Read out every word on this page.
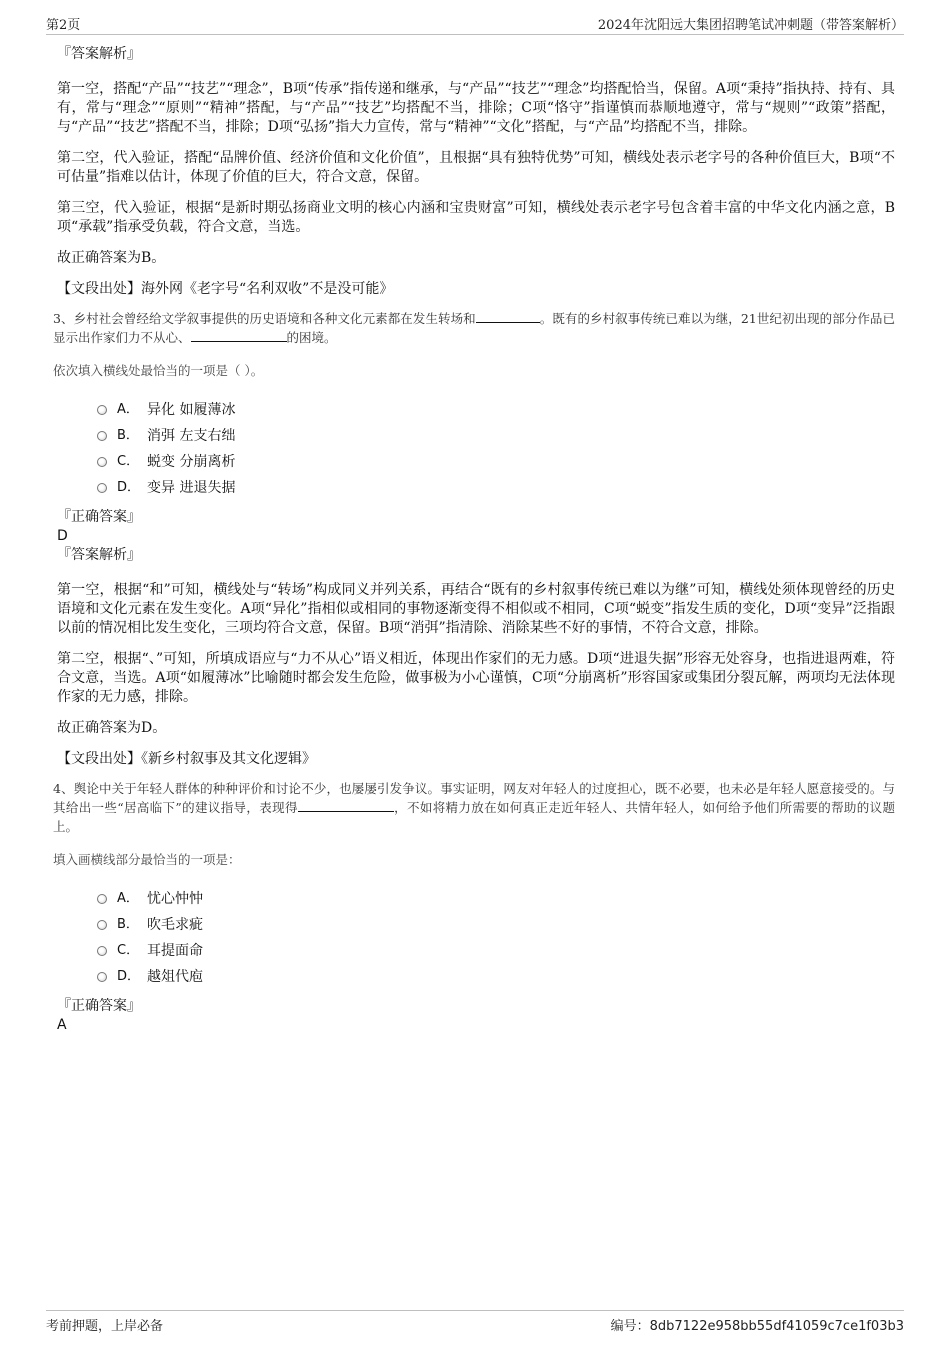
第2页	2024年沈阳远大集团招聘笔试冲刺题（带答案解析）

『答案解析』

第一空，搭配“产品”“技艺”“理念”，B项“传承”指传递和继承，与“产品”“技艺”“理念”均搭配恰当，保留。A项“秉持”指执持、持有、具有，常与“理念”“原则”“精神”搭配，与“产品”“技艺”均搭配不当，排除；C项“恪守”指谨慎而恭顺地遵守，常与“规则”“政策”搭配，与“产品”“技艺”搭配不当，排除；D项“弘扬”指大力宣传，常与“精神”“文化”搭配，与“产品”均搭配不当，排除。

第二空，代入验证，搭配“品牌价值、经济价值和文化价值”，且根据“具有独特优势”可知，横线处表示老字号的各种价值巨大，B项“不可估量”指难以估计，体现了价值的巨大，符合文意，保留。

第三空，代入验证，根据“是新时期弘扬商业文明的核心内涵和宝贵财富”可知，横线处表示老字号包含着丰富的中华文化内涵之意，B项“承载”指承受负载，符合文意，当选。

故正确答案为B。

【文段出处】海外网《老字号“名利双收”不是没可能》

3、乡村社会曾经给文学叙事提供的历史语境和各种文化元素都在发生转场和	。既有的乡村叙事传统已难以为继，21世纪初出现的部分作品已显示出作家们力不从心、	的困境。

依次填入横线处最恰当的一项是（ ）。

A． 异化 如履薄冰
B． 消弭 左支右绌
C． 蜕变 分崩离析
D． 变异 进退失据

『正确答案』

D

『答案解析』

第一空，根据“和”可知，横线处与“转场”构成同义并列关系，再结合“既有的乡村叙事传统已难以为继”可知，横线处须体现曾经的历史语境和文化元素在发生变化。A项“异化”指相似或相同的事物逐渐变得不相似或不相同，C项“蜕变”指发生质的变化，D项“变异”泛指跟以前的情况相比发生变化，三项均符合文意，保留。B项“消弭”指清除、消除某些不好的事情，不符合文意，排除。

第二空，根据“、”可知，所填成语应与“力不从心”语义相近，体现出作家们的无力感。D项“进退失据”形容无处容身，也指进退两难，符合文意，当选。A项“如履薄冰”比喻随时都会发生危险，做事极为小心谨慎，C项“分崩离析”形容国家或集团分裂瓦解，两项均无法体现作家的无力感，排除。

故正确答案为D。

【文段出处】《新乡村叙事及其文化逻辑》

4、舆论中关于年轻人群体的种种评价和讨论不少，也屡屡引发争议。事实证明，网友对年轻人的过度担心，既不必要，也未必是年轻人愿意接受的。与其给出一些“居高临下”的建议指导，表现得	，不如将精力放在如何真正走近年轻人、共情年轻人，如何给予他们所需要的帮助的议题上。

填入画横线部分最恰当的一项是：

A． 忧心忡忡
B． 吹毛求疵
C． 耳提面命
D． 越俎代庖

『正确答案』

A

考前押题，上岸必备	编号：8db7122e958bb55df41059c7ce1f03b3
